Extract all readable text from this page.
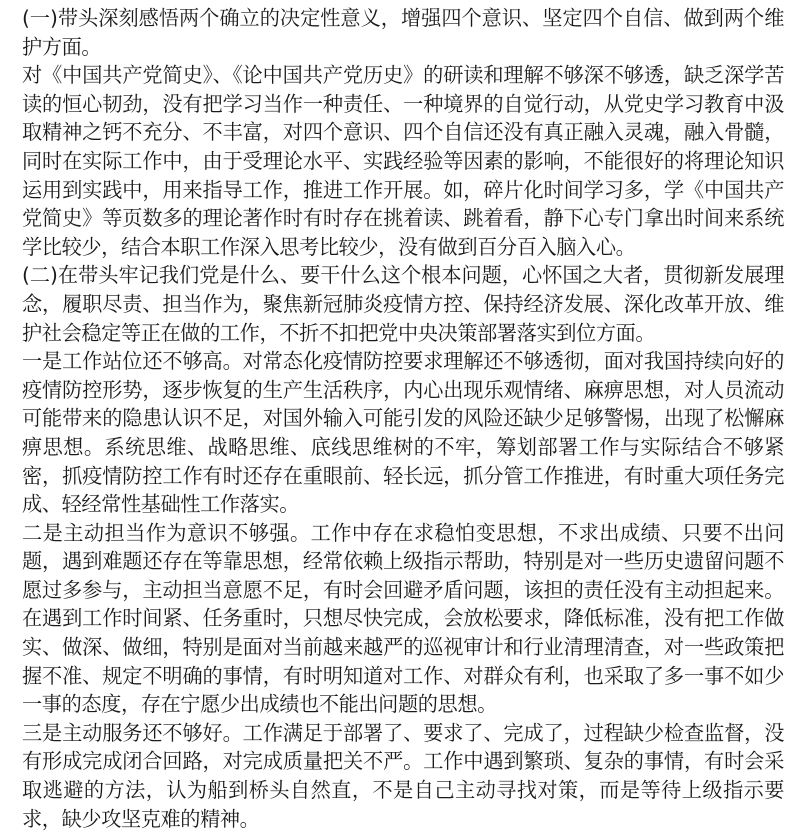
(一)带头深刻感悟两个确立的决定性意义，增强四个意识、坚定四个自信、做到两个维护方面。

对《中国共产党简史》、《论中国共产党历史》的研读和理解不够深不够透，缺乏深学苦读的恒心韧劲，没有把学习当作一种责任、一种境界的自觉行动，从党史学习教育中汲取精神之钙不充分、不丰富，对四个意识、四个自信还没有真正融入灵魂，融入骨髓，同时在实际工作中，由于受理论水平、实践经验等因素的影响，不能很好的将理论知识运用到实践中，用来指导工作，推进工作开展。如，碎片化时间学习多，学《中国共产党简史》等页数多的理论著作时有时存在挑着读、跳着看，静下心专门拿出时间来系统学比较少，结合本职工作深入思考比较少，没有做到百分百入脑入心。

(二)在带头牢记我们党是什么、要干什么这个根本问题，心怀国之大者，贯彻新发展理念，履职尽责、担当作为，聚焦新冠肺炎疫情方控、保持经济发展、深化改革开放、维护社会稳定等正在做的工作，不折不扣把党中央决策部署落实到位方面。

一是工作站位还不够高。对常态化疫情防控要求理解还不够透彻，面对我国持续向好的疫情防控形势，逐步恢复的生产生活秩序，内心出现乐观情绪、麻痹思想，对人员流动可能带来的隐患认识不足，对国外输入可能引发的风险还缺少足够警惕，出现了松懈麻痹思想。系统思维、战略思维、底线思维树的不牢，筹划部署工作与实际结合不够紧密，抓疫情防控工作有时还存在重眼前、轻长远，抓分管工作推进，有时重大项任务完成、轻经常性基础性工作落实。

二是主动担当作为意识不够强。工作中存在求稳怕变思想，不求出成绩、只要不出问题，遇到难题还存在等靠思想，经常依赖上级指示帮助，特别是对一些历史遗留问题不愿过多参与，主动担当意愿不足，有时会回避矛盾问题，该担的责任没有主动担起来。在遇到工作时间紧、任务重时，只想尽快完成，会放松要求，降低标准，没有把工作做实、做深、做细，特别是面对当前越来越严的巡视审计和行业清理清查，对一些政策把握不准、规定不明确的事情，有时明知道对工作、对群众有利，也采取了多一事不如少一事的态度，存在宁愿少出成绩也不能出问题的思想。

三是主动服务还不够好。工作满足于部署了、要求了、完成了，过程缺少检查监督，没有形成完成闭合回路，对完成质量把关不严。工作中遇到繁琐、复杂的事情，有时会采取逃避的方法，认为船到桥头自然直，不是自己主动寻找对策，而是等待上级指示要求，缺少攻坚克难的精神。
